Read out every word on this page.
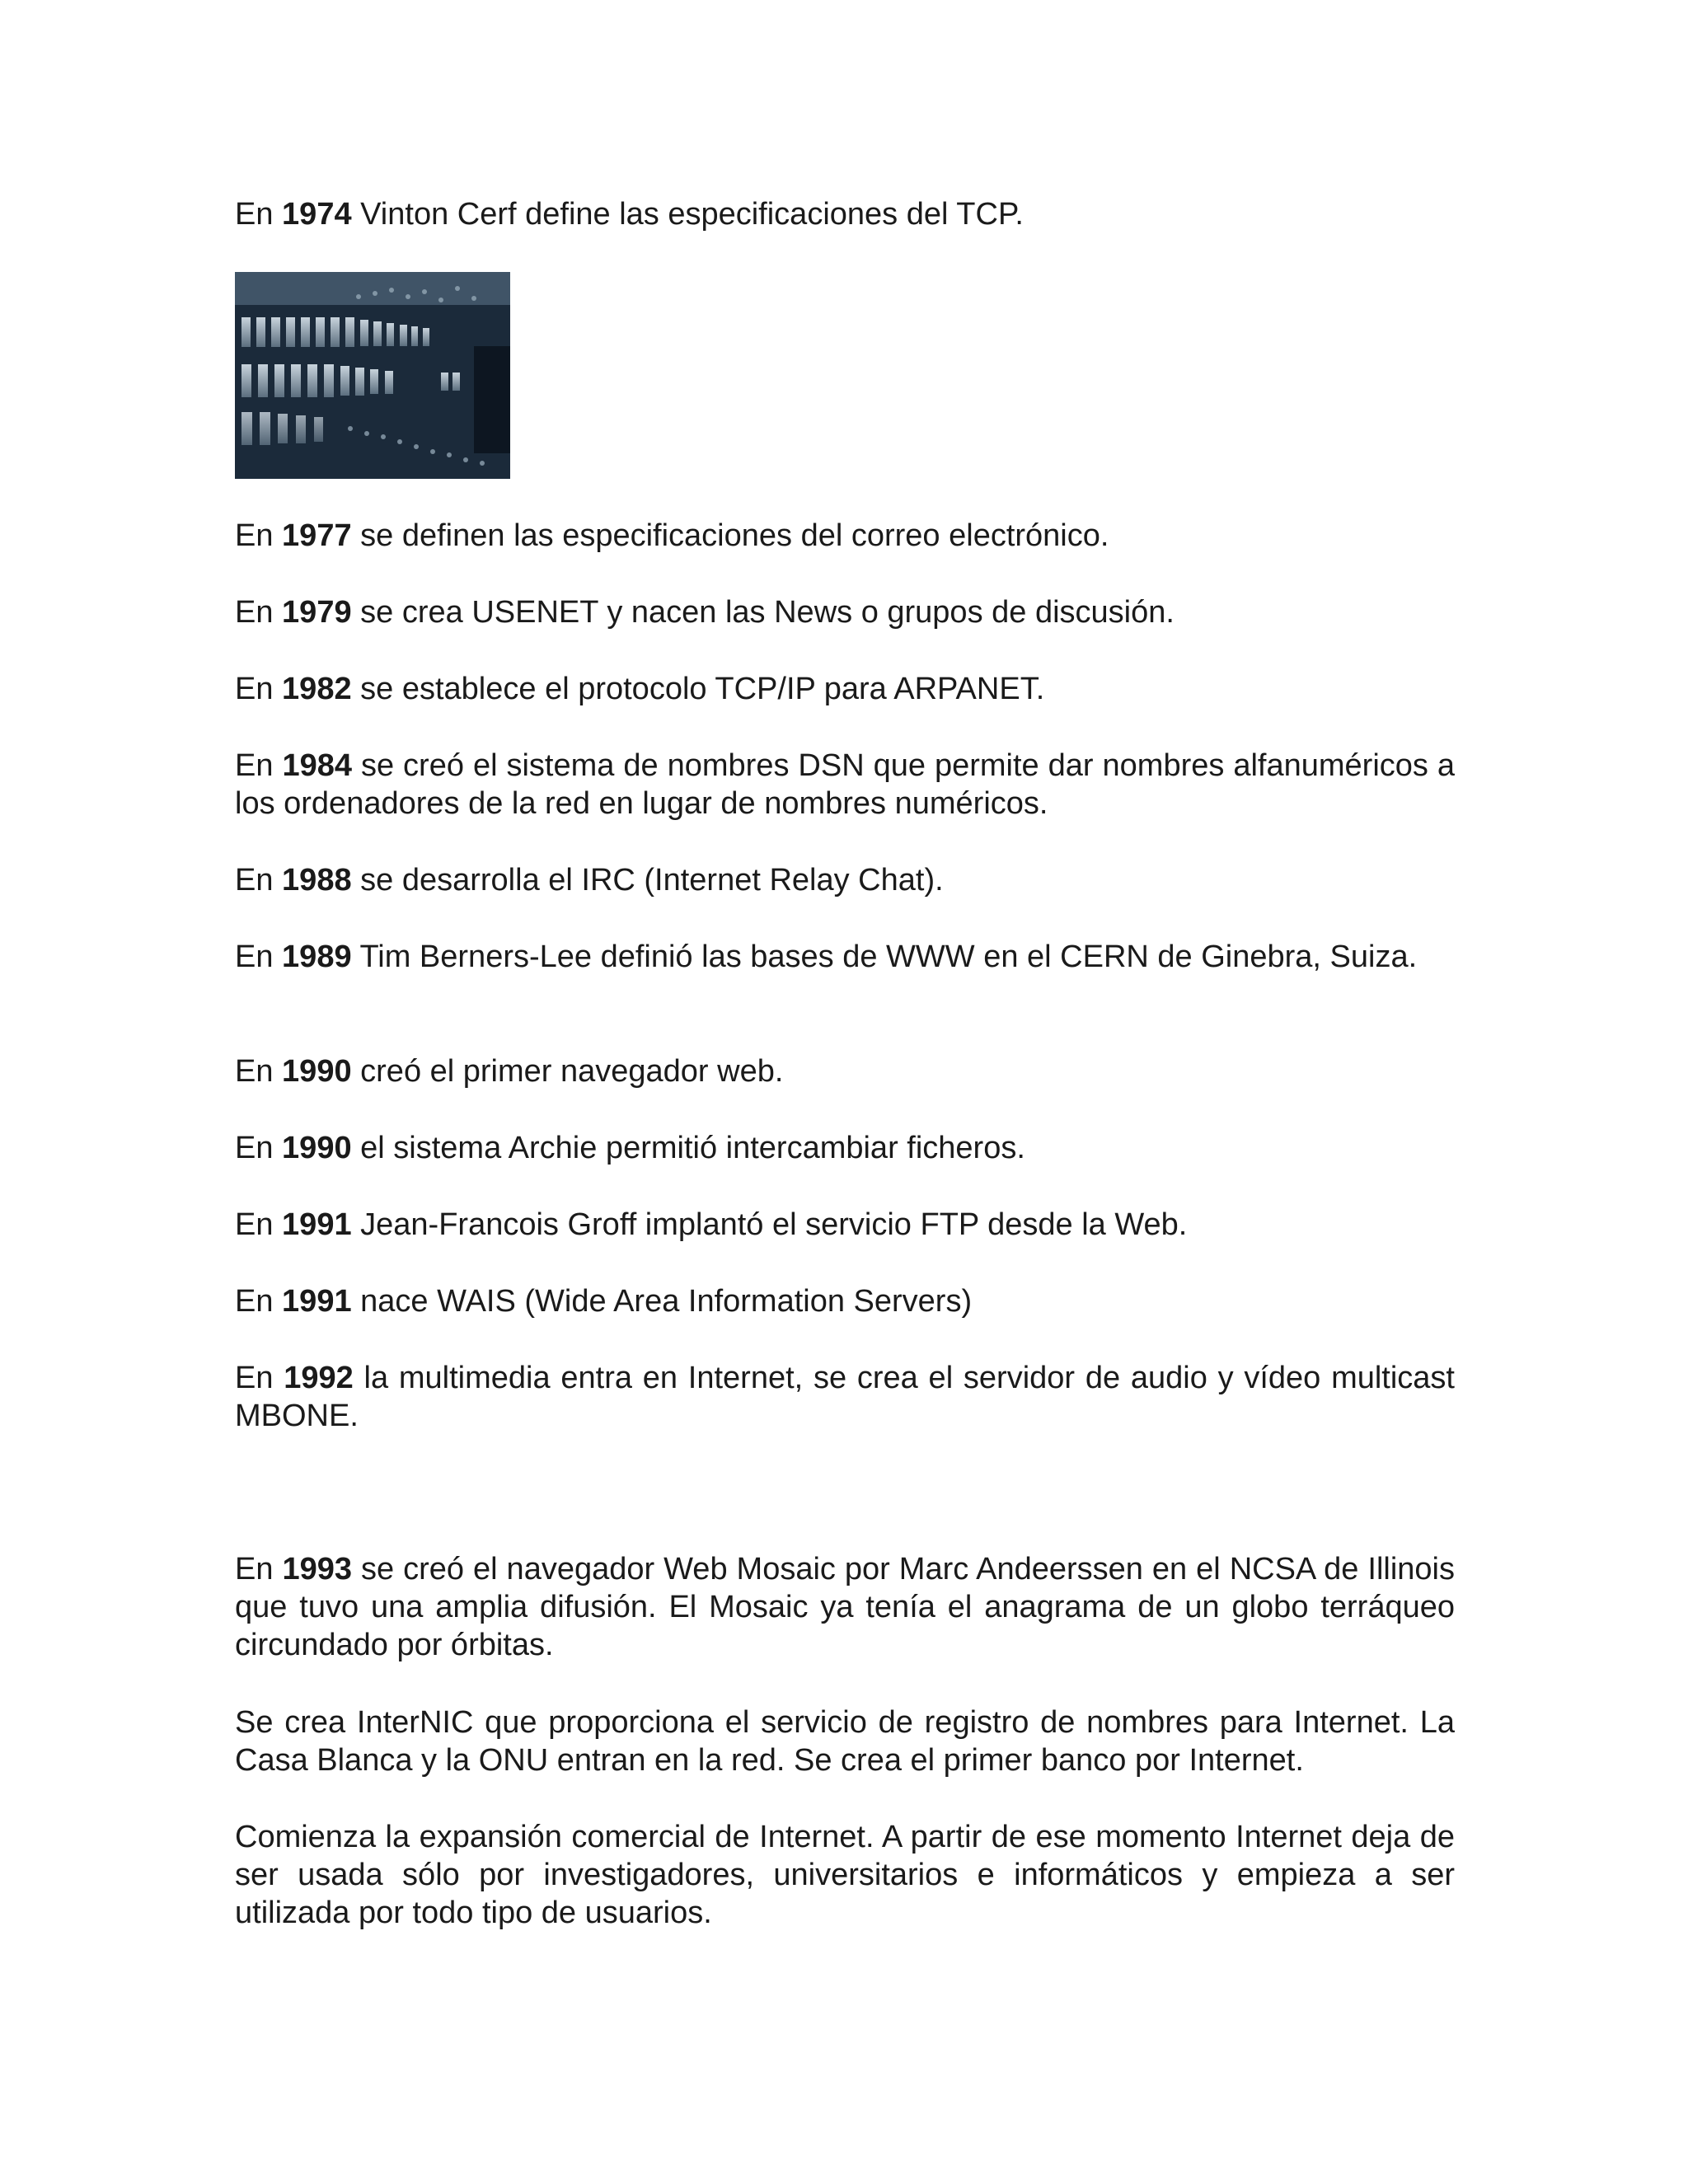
En 1974 Vinton Cerf define las especificaciones del TCP.

En 1977 se definen las especificaciones del correo electrónico.

En 1979 se crea USENET y nacen las News o grupos de discusión.

En 1982 se establece el protocolo TCP/IP para ARPANET.

En 1984 se creó el sistema de nombres DSN que permite dar nombres alfanuméricos a los ordenadores de la red en lugar de nombres numéricos.

En 1988 se desarrolla el IRC (Internet Relay Chat).

En 1989 Tim Berners-Lee definió las bases de WWW en el CERN de Ginebra, Suiza.

En 1990 creó el primer navegador web.

En 1990 el sistema Archie permitió intercambiar ficheros.

En 1991 Jean-Francois Groff implantó el servicio FTP desde la Web.

En 1991 nace WAIS (Wide Area Information Servers)

En 1992 la multimedia entra en Internet, se crea el servidor de audio y vídeo multicast MBONE.

En 1993 se creó el navegador Web Mosaic por Marc Andeerssen en el NCSA de Illinois que tuvo una amplia difusión. El Mosaic ya tenía el anagrama de un globo terráqueo circundado por órbitas.

Se crea InterNIC que proporciona el servicio de registro de nombres para Internet. La Casa Blanca y la ONU entran en la red. Se crea el primer banco por Internet.

Comienza la expansión comercial de Internet. A partir de ese momento Internet deja de ser usada sólo por investigadores, universitarios e informáticos y empieza a ser utilizada por todo tipo de usuarios.
